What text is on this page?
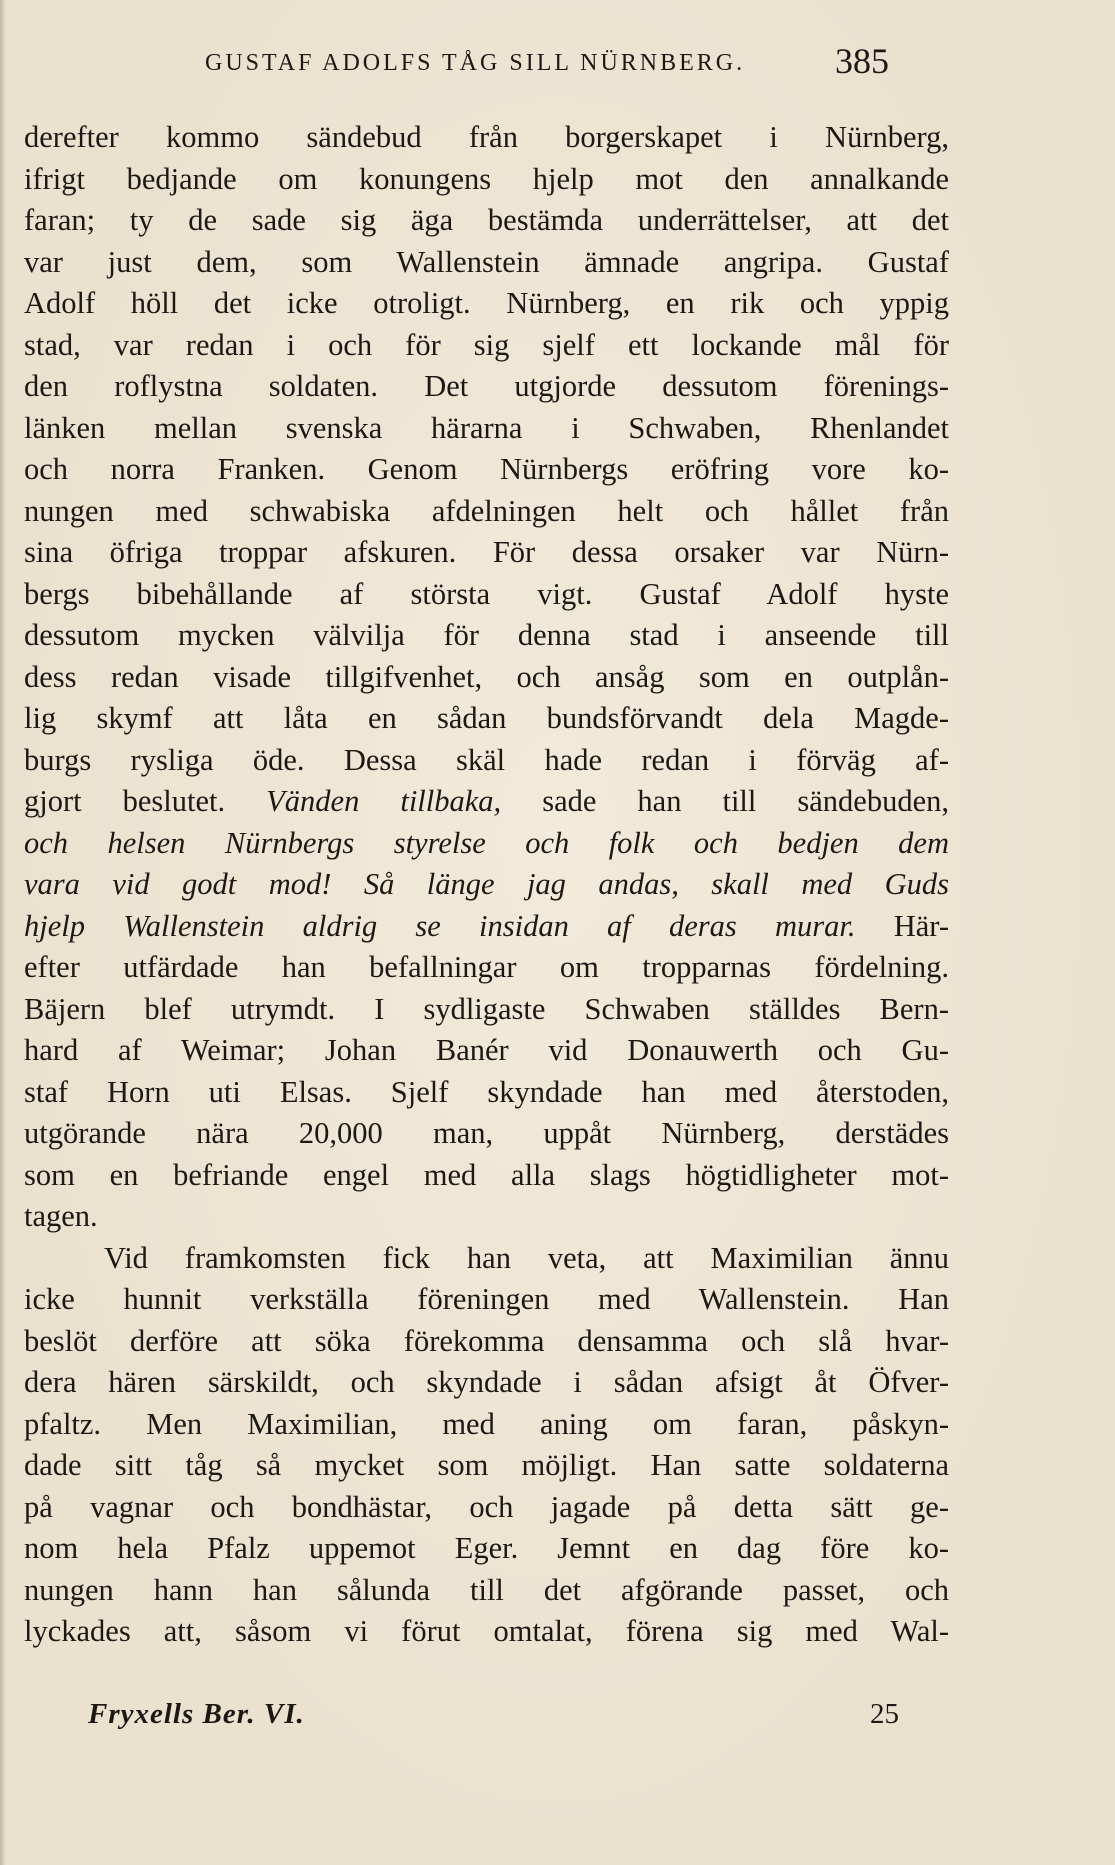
GUSTAF ADOLFS TÅG SILL NÜRNBERG. 385
derefter kommo sändebud från borgerskapet i Nürnberg,
ifrigt bedjande om konungens hjelp mot den annalkande
faran; ty de sade sig äga bestämda underrättelser, att det
var just dem, som Wallenstein ämnade angripa. Gustaf
Adolf höll det icke otroligt. Nürnberg, en rik och yppig
stad, var redan i och för sig sjelf ett lockande mål för
den roflystna soldaten. Det utgjorde dessutom förenings-
länken mellan svenska härarna i Schwaben, Rhenlandet
och norra Franken. Genom Nürnbergs eröfring vore ko-
nungen med schwabiska afdelningen helt och hållet från
sina öfriga troppar afskuren. För dessa orsaker var Nürn-
bergs bibehållande af största vigt. Gustaf Adolf hyste
dessutom mycken välvilja för denna stad i anseende till
dess redan visade tillgifvenhet, och ansåg som en outplån-
lig skymf att låta en sådan bundsförvandt dela Magde-
burgs rysliga öde. Dessa skäl hade redan i förväg af-
gjort beslutet. Vänden tillbaka, sade han till sändebuden,
och helsen Nürnbergs styrelse och folk och bedjen dem
vara vid godt mod! Så länge jag andas, skall med Guds
hjelp Wallenstein aldrig se insidan af deras murar. Här-
efter utfärdade han befallningar om tropparnas fördelning.
Bäjern blef utrymdt. I sydligaste Schwaben ställdes Bern-
hard af Weimar; Johan Banér vid Donauwerth och Gu-
staf Horn uti Elsas. Sjelf skyndade han med återstoden,
utgörande nära 20,000 man, uppåt Nürnberg, derstädes
som en befriande engel med alla slags högtidligheter mot-
tagen.
Vid framkomsten fick han veta, att Maximilian ännu
icke hunnit verkställa föreningen med Wallenstein. Han
beslöt derföre att söka förekomma densamma och slå hvar-
dera hären särskildt, och skyndade i sådan afsigt åt Öfver-
pfaltz. Men Maximilian, med aning om faran, påskyn-
dade sitt tåg så mycket som möjligt. Han satte soldaterna
på vagnar och bondhästar, och jagade på detta sätt ge-
nom hela Pfalz uppemot Eger. Jemnt en dag före ko-
nungen hann han sålunda till det afgörande passet, och
lyckades att, såsom vi förut omtalat, förena sig med Wal-
Fryxells Ber. VI.	25
